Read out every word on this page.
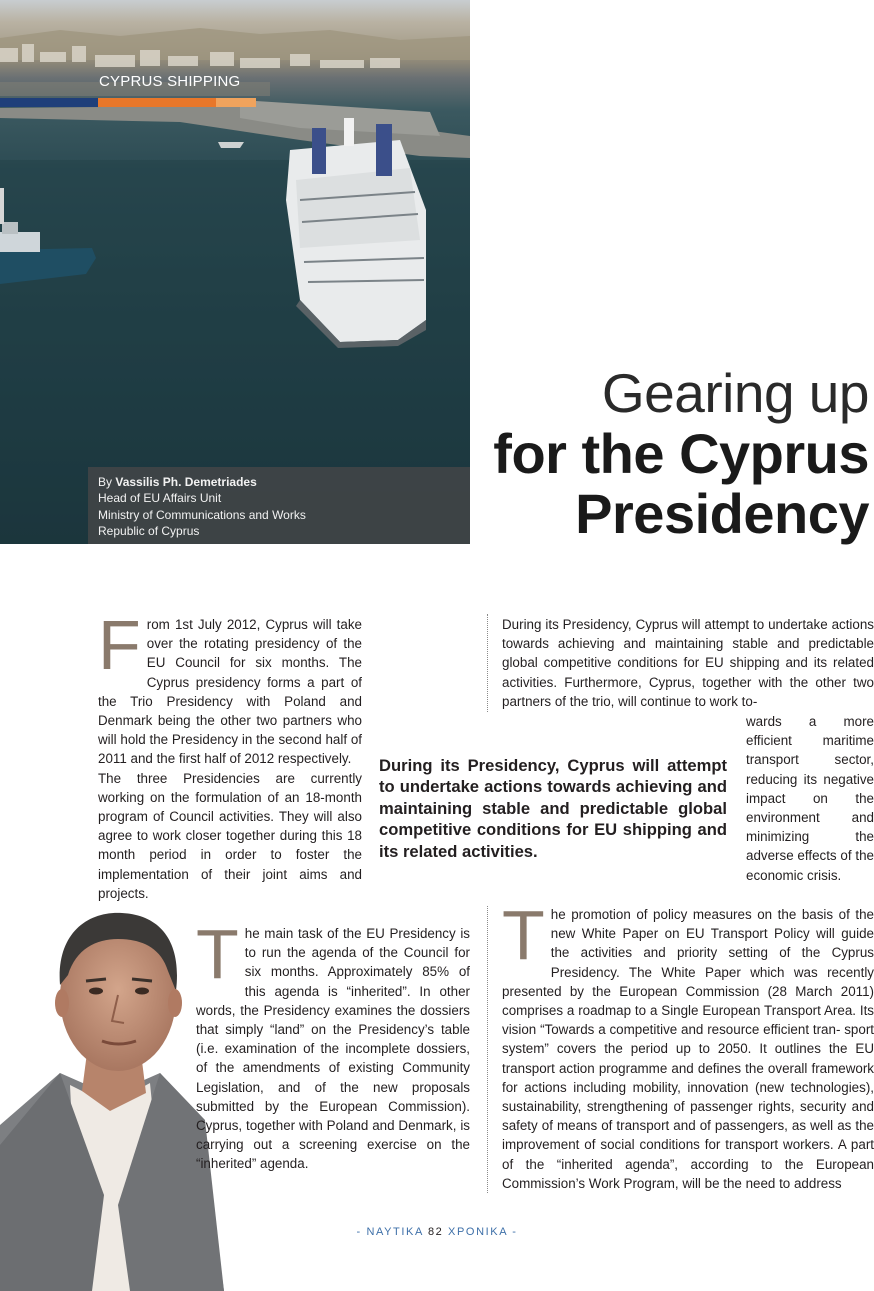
CYPRUS SHIPPING
By Vassilis Ph. Demetriades
Head of EU Affairs Unit
Ministry of Communications and Works
Republic of Cyprus
Gearing up
for the Cyprus
Presidency
From 1st July 2012, Cyprus will take over the rotating presidency of the EU Council for six months. The Cyprus presidency forms a part of the Trio Presidency with Poland and Denmark being the other two partners who will hold the Presidency in the second half of 2011 and the first half of 2012 respectively.
The three Presidencies are currently working on the formulation of an 18-month program of Council activities. They will also agree to work closer together during this 18 month period in order to foster the implementation of their joint aims and projects.
During its Presidency, Cyprus will attempt to undertake actions towards achieving and maintaining stable and predictable global competitive conditions for EU shipping and its related activities. Furthermore, Cyprus, together with the other two partners of the trio, will continue to work to-
wards a more efficient maritime transport sector, reducing its negative impact on the environment and minimizing the adverse effects of the economic crisis.
During its Presidency, Cyprus will attempt to undertake actions towards achieving and maintaining stable and predictable global competitive conditions for EU shipping and its related activities.
The main task of the EU Presidency is to run the agenda of the Council for six months. Approximately 85% of this agenda is “inherited”. In other words, the Presidency examines the dossiers that simply “land” on the Presidency’s table (i.e. examination of the incomplete dossiers, of the amendments of existing Community Legislation, and of the new proposals submitted by the European Commission). Cyprus, together with Poland and Denmark, is carrying out a screening exercise on the “inherited” agenda.
The promotion of policy measures on the basis of the new White Paper on EU Transport Policy will guide the activities and priority setting of the Cyprus Presidency. The White Paper which was recently presented by the European Commission (28 March 2011) comprises a roadmap to a Single European Transport Area. Its vision “Towards a competitive and resource efficient tran- sport system” covers the period up to 2050. It outlines the EU transport action programme and defines the overall framework for actions including mobility, innovation (new technologies), sustainability, strengthening of passenger rights, security and safety of means of transport and of passengers, as well as the improvement of social conditions for transport workers. A part of the “inherited agenda”, according to the European Commission’s Work Program, will be the need to address
- ΝΑΥΤΙΚΑ 82 ΧΡΟΝΙΚΑ -
